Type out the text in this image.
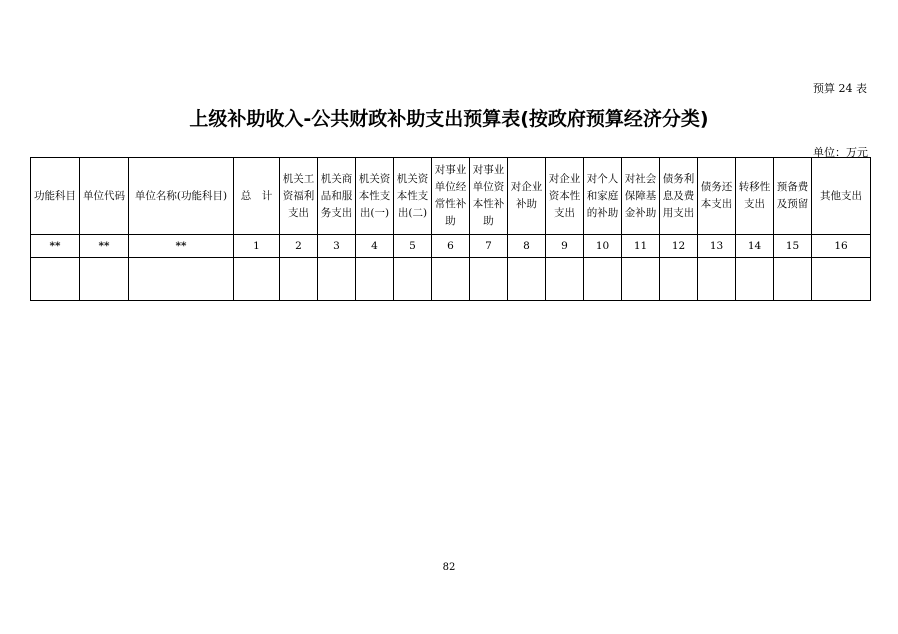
预算 24 表
上级补助收入-公共财政补助支出预算表(按政府预算经济分类)
单位：万元
功能科目	单位代码	单位名称(功能科目)	总　计	机关工资福利支出	机关商品和服务支出	机关资本性支出(一)	机关资本性支出(二)	对事业单位经常性补助	对事业单位资本性补助	对企业补助	对企业资本性支出	对个人和家庭的补助	对社会保障基金补助	债务利息及费用支出	债务还本支出	转移性支出	预备费及预留	其他支出
**	**	**	1	2	3	4	5	6	7	8	9	10	11	12	13	14	15	16

82
